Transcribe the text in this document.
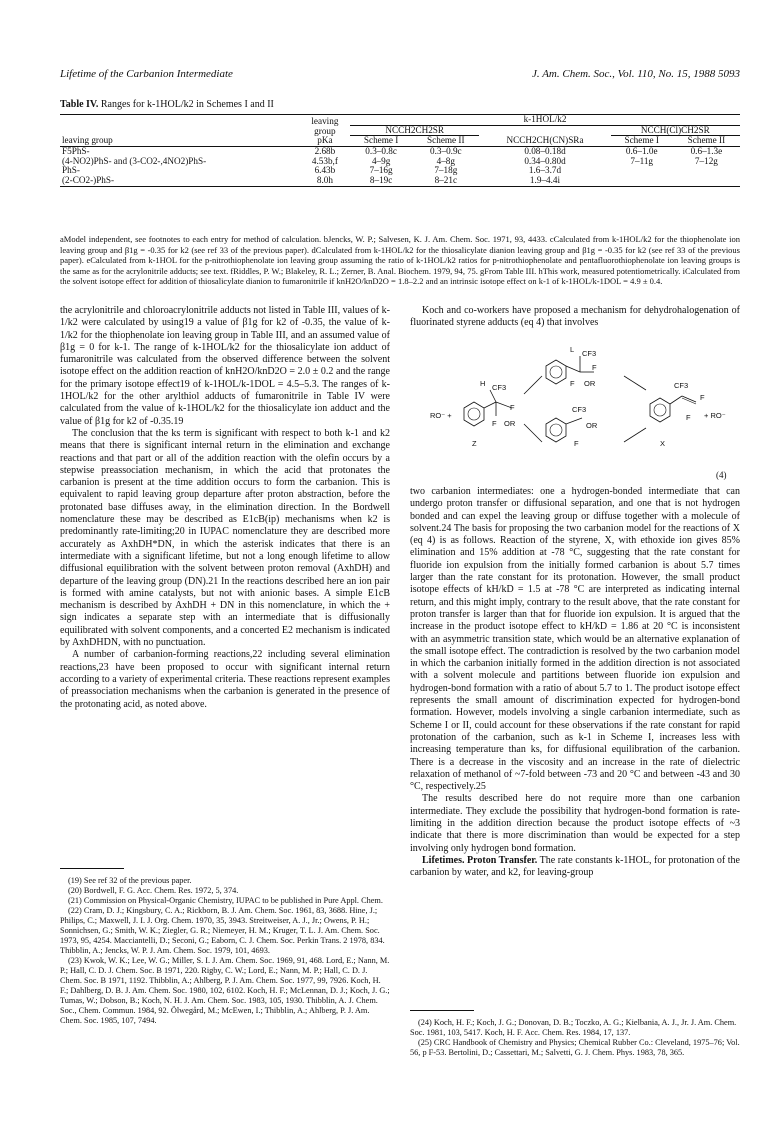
Lifetime of the Carbanion Intermediate	J. Am. Chem. Soc., Vol. 110, No. 15, 1988 5093
Table IV. Ranges for k-1HOL/k2 in Schemes I and II
leaving group	leaving
group
pKa	k-1HOL/k2				
		NCCH2CH2SR			NCCH(Cl)CH2SR	
		Scheme I	Scheme II	NCCH2CH(CN)SRa	Scheme I	Scheme II
F5PhS-	2.68b	0.3–0.8c	0.3–0.9c	0.08–0.18d	0.6–1.0e	0.6–1.3e
(4-NO2)PhS- and (3-CO2-,4NO2)PhS-	4.53b,f	4–9g	4–8g	0.34–0.80d	7–11g	7–12g
PhS-	6.43b	7–16g	7–18g	1.6–3.7d		
(2-CO2-)PhS-	8.0h	8–19c	8–21c	1.9–4.4i		
aModel independent, see footnotes to each entry for method of calculation. bJencks, W. P.; Salvesen, K. J. Am. Chem. Soc. 1971, 93, 4433. cCalculated from k-1HOL/k2 for the thiophenolate ion leaving group and β1g = -0.35 for k2 (see ref 33 of the previous paper). dCalculated from k-1HOL/k2 for the thiosalicylate dianion leaving group and β1g = -0.35 for k2 (see ref 33 of the previous paper). eCalculated from k-1HOL for the p-nitrothiophenolate ion leaving group assuming the ratio of k-1HOL/k2 ratios for p-nitrothiophenolate and pentafluorothiophenolate ion leaving groups is the same as for the acrylonitrile adducts; see text. fRiddles, P. W.; Blakeley, R. L.; Zerner, B. Anal. Biochem. 1979, 94, 75. gFrom Table III. hThis work, measured potentiometrically. iCalculated from the solvent isotope effect for addition of thiosalicylate dianion to fumaronitrile if knH2O/knD2O = 1.8–2.2 and an intrinsic isotope effect on k-1 of k-1HOL/k-1DOL = 4.9 ± 0.4.

the acrylonitrile and chloroacrylonitrile adducts not listed in Table III, values of k-1/k2 were calculated by using19 a value of β1g for k2 of -0.35, the value of k-1/k2 for the thiophenolate ion leaving group in Table III, and an assumed value of β1g = 0 for k-1. The range of k-1HOL/k2 for the thiosalicylate ion adduct of fumaronitrile was calculated from the observed difference between the solvent isotope effect on the addition reaction of knH2O/knD2O = 2.0 ± 0.2 and the range for the primary isotope effect19 of k-1HOL/k-1DOL = 4.5–5.3. The ranges of k-1HOL/k2 for the other arylthiol adducts of fumaronitrile in Table IV were calculated from the value of k-1HOL/k2 for the thiosalicylate ion adduct and the value of β1g for k2 of -0.35.19

The conclusion that the ks term is significant with respect to both k-1 and k2 means that there is significant internal return in the elimination and exchange reactions and that part or all of the addition reaction with the olefin occurs by a stepwise preassociation mechanism, in which the acid that protonates the carbanion is present at the time addition occurs to form the carbanion. This is equivalent to rapid leaving group departure after proton abstraction, before the protonated base diffuses away, in the elimination direction. In the Bordwell nomenclature these may be described as E1cB(ip) mechanisms when k2 is predominantly rate-limiting;20 in IUPAC nomenclature they are described more accurately as AxhDH*DN, in which the asterisk indicates that there is an intermediate with a significant lifetime, but not a long enough lifetime to allow diffusional equilibration with the solvent between proton removal (AxhDH) and departure of the leaving group (DN).21 In the reactions described here an ion pair is formed with amine catalysts, but not with anionic bases. A simple E1cB mechanism is described by AxhDH + DN in this nomenclature, in which the + sign indicates a separate step with an intermediate that is diffusionally equilibrated with solvent components, and a concerted E2 mechanism is indicated by AxhDHDN, with no punctuation.

A number of carbanion-forming reactions,22 including several elimination reactions,23 have been proposed to occur with significant internal return according to a variety of experimental criteria. These reactions represent examples of preassociation mechanisms when the carbanion is generated in the presence of the protonating acid, as noted above.

(19) See ref 32 of the previous paper.

(20) Bordwell, F. G. Acc. Chem. Res. 1972, 5, 374.

(21) Commission on Physical-Organic Chemistry, IUPAC to be published in Pure Appl. Chem.

(22) Cram, D. J.; Kingsbury, C. A.; Rickborn, B. J. Am. Chem. Soc. 1961, 83, 3688. Hine, J.; Philips, C.; Maxwell, J. I. J. Org. Chem. 1970, 35, 3943. Streitweiser, A. J., Jr.; Owens, P. H.; Sonnichsen, G.; Smith, W. K.; Ziegler, G. R.; Niemeyer, H. M.; Kruger, T. L. J. Am. Chem. Soc. 1973, 95, 4254. Macciantelli, D.; Seconi, G.; Eaborn, C. J. Chem. Soc. Perkin Trans. 2 1978, 834. Thibblin, A.; Jencks, W. P. J. Am. Chem. Soc. 1979, 101, 4693.

(23) Kwok, W. K.; Lee, W. G.; Miller, S. I. J. Am. Chem. Soc. 1969, 91, 468. Lord, E.; Nann, M. P.; Hall, C. D. J. Chem. Soc. B 1971, 220. Rigby, C. W.; Lord, E.; Nann, M. P.; Hall, C. D. J. Chem. Soc. B 1971, 1192. Thibblin, A.; Ahlberg, P. J. Am. Chem. Soc. 1977, 99, 7926. Koch, H. F.; Dahlberg, D. B. J. Am. Chem. Soc. 1980, 102, 6102. Koch, H. F.; McLennan, D. J.; Koch, J. G.; Tumas, W.; Dobson, B.; Koch, N. H. J. Am. Chem. Soc. 1983, 105, 1930. Thibblin, A. J. Chem. Soc., Chem. Commun. 1984, 92. Ölwegård, M.; McEwen, I.; Thibblin, A.; Ahlberg, P. J. Am. Chem. Soc. 1985, 107, 7494.

Koch and co-workers have proposed a mechanism for dehydrohalogenation of fluorinated styrene adducts (eq 4) that involves

RO⁻ +
H CF3
F OR
F
Z
L CF3
F
F OR
CF3
OR
F
CF3
F
F + RO⁻
X
(4)

two carbanion intermediates: one a hydrogen-bonded intermediate that can undergo proton transfer or diffusional separation, and one that is not hydrogen bonded and can expel the leaving group or diffuse together with a molecule of solvent.24 The basis for proposing the two carbanion model for the reactions of X (eq 4) is as follows. Reaction of the styrene, X, with ethoxide ion gives 85% elimination and 15% addition at -78 °C, suggesting that the rate constant for fluoride ion expulsion from the initially formed carbanion is about 5.7 times larger than the rate constant for its protonation. However, the small product isotope effects of kH/kD = 1.5 at -78 °C are interpreted as indicating internal return, and this might imply, contrary to the result above, that the rate constant for proton transfer is larger than that for fluoride ion expulsion. It is argued that the increase in the product isotope effect to kH/kD = 1.86 at 20 °C is inconsistent with an asymmetric transition state, which would be an alternative explanation of the small isotope effect. The contradiction is resolved by the two carbanion model in which the carbanion initially formed in the addition direction is not associated with a solvent molecule and partitions between fluoride ion expulsion and hydrogen-bond formation with a ratio of about 5.7 to 1. The product isotope effect represents the small amount of discrimination expected for hydrogen-bond formation. However, models involving a single carbanion intermediate, such as Scheme I or II, could account for these observations if the rate constant for rapid protonation of the carbanion, such as k-1 in Scheme I, increases less with increasing temperature than ks, for diffusional equilibration of the carbanion. There is a decrease in the viscosity and an increase in the rate of dielectric relaxation of methanol of ~7-fold between -73 and 20 °C and between -43 and 30 °C, respectively.25

The results described here do not require more than one carbanion intermediate. They exclude the possibility that hydrogen-bond formation is rate-limiting in the addition direction because the product isotope effects of ~3 indicate that there is more discrimination than would be expected for a step involving only hydrogen bond formation.

Lifetimes. Proton Transfer. The rate constants k-1HOL, for protonation of the carbanion by water, and k2, for leaving-group

(24) Koch, H. F.; Koch, J. G.; Donovan, D. B.; Toczko, A. G.; Kielbania, A. J., Jr. J. Am. Chem. Soc. 1981, 103, 5417. Koch, H. F. Acc. Chem. Res. 1984, 17, 137.

(25) CRC Handbook of Chemistry and Physics; Chemical Rubber Co.: Cleveland, 1975–76; Vol. 56, p F-53. Bertolini, D.; Cassettari, M.; Salvetti, G. J. Chem. Phys. 1983, 78, 365.
